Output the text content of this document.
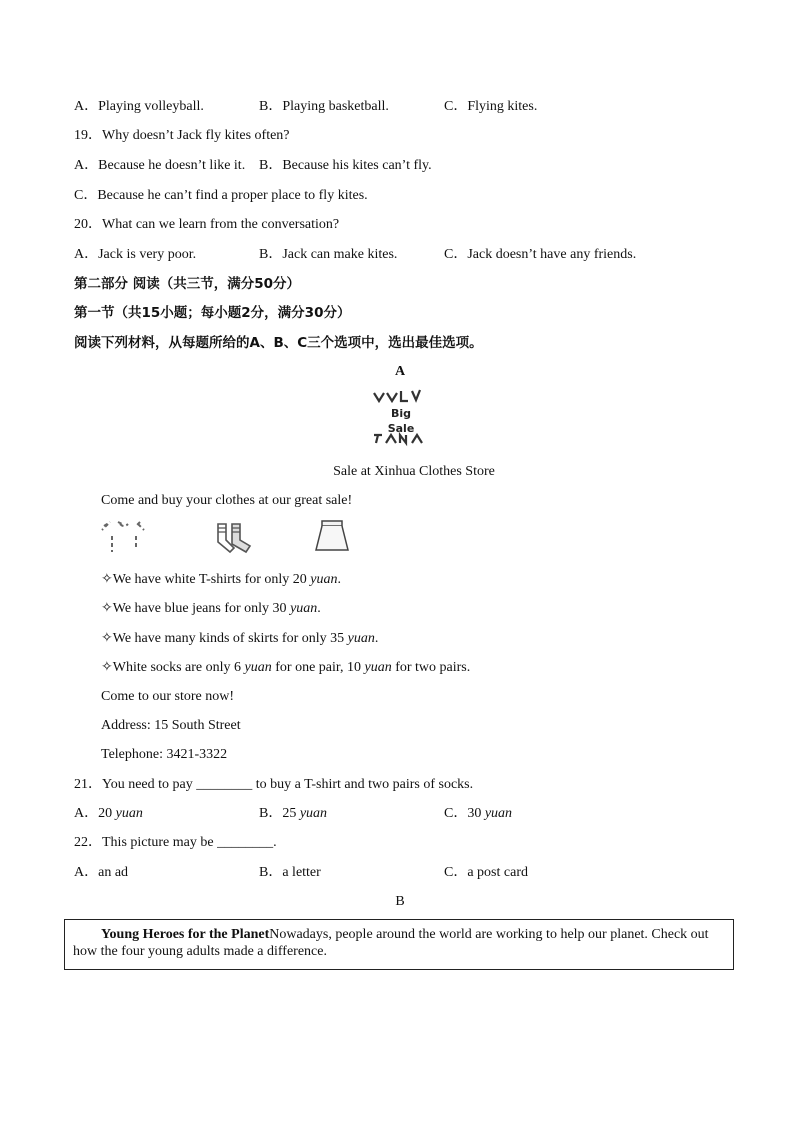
A．Playing volleyball.	B．Playing basketball.	C．Flying kites.
19．Why doesn’t Jack fly kites often?
A．Because he doesn’t like it. B．Because his kites can’t fly.
C．Because he can’t find a proper place to fly kites.
20．What can we learn from the conversation?
A．Jack is very poor.	B．Jack can make kites.	C．Jack doesn’t have any friends.
第二部分 阅读（共三节，满分50分）
第一节（共15小题；每小题2分，满分30分）
阅读下列材料，从每题所给的A、B、C三个选项中，选出最佳选项。
A
Big
Sale
Sale at Xinhua Clothes Store
Come and buy your clothes at our great sale!
✧We have white T-shirts for only 20 yuan.
✧We have blue jeans for only 30 yuan.
✧We have many kinds of skirts for only 35 yuan.
✧White socks are only 6 yuan for one pair, 10 yuan for two pairs.
Come to our store now!
Address: 15 South Street
Telephone: 3421-3322
21．You need to pay ________ to buy a T-shirt and two pairs of socks.
A．20 yuan	B．25 yuan	C．30 yuan
22．This picture may be ________.
A．an ad	B．a letter	C．a post card
B

Young Heroes for the PlanetNowadays, people around the world are working to help our planet. Check out how the four young adults made a difference.
